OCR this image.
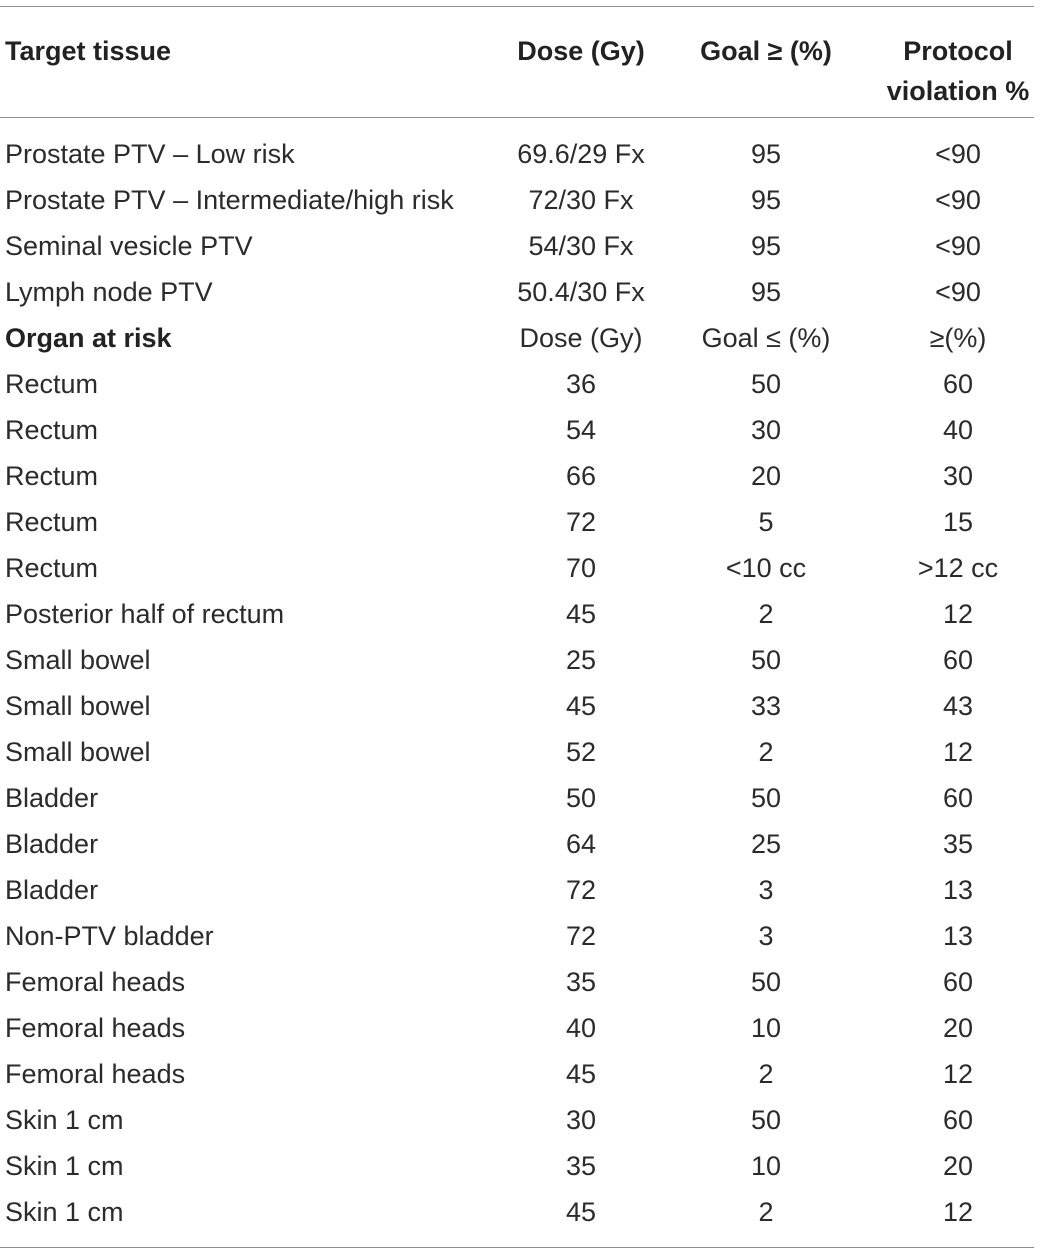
Target tissue	Dose (Gy)	Goal ≥ (%)	Protocol
violation %
Prostate PTV – Low risk	69.6/29 Fx	95	<90
Prostate PTV – Intermediate/high risk	72/30 Fx	95	<90
Seminal vesicle PTV	54/30 Fx	95	<90
Lymph node PTV	50.4/30 Fx	95	<90
Organ at risk	Dose (Gy)	Goal ≤ (%)	≥(%)
Rectum	36	50	60
Rectum	54	30	40
Rectum	66	20	30
Rectum	72	5	15
Rectum	70	<10 cc	>12 cc
Posterior half of rectum	45	2	12
Small bowel	25	50	60
Small bowel	45	33	43
Small bowel	52	2	12
Bladder	50	50	60
Bladder	64	25	35
Bladder	72	3	13
Non-PTV bladder	72	3	13
Femoral heads	35	50	60
Femoral heads	40	10	20
Femoral heads	45	2	12
Skin 1 cm	30	50	60
Skin 1 cm	35	10	20
Skin 1 cm	45	2	12
